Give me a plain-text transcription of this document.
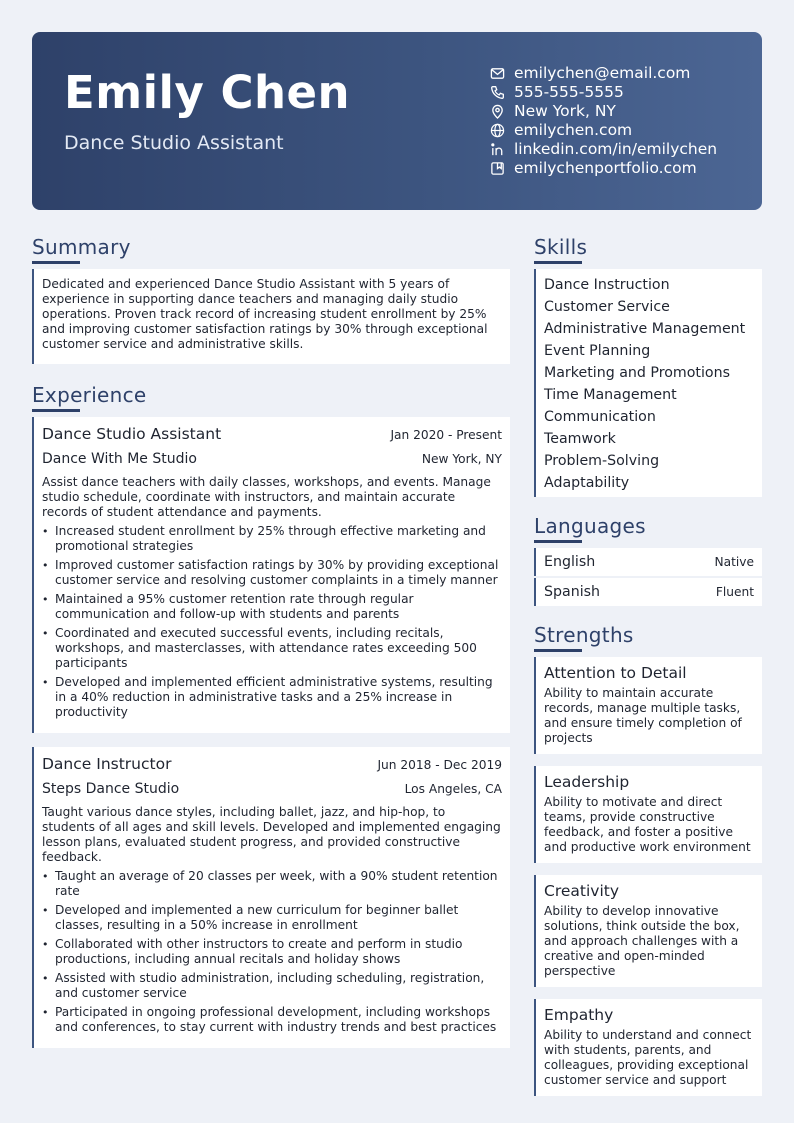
Emily Chen
Dance Studio Assistant
emilychen@email.com
555-555-5555
New York, NY
emilychen.com
linkedin.com/in/emilychen
emilychenportfolio.com
Summary
Dedicated and experienced Dance Studio Assistant with 5 years of experience in supporting dance teachers and managing daily studio operations. Proven track record of increasing student enrollment by 25% and improving customer satisfaction ratings by 30% through exceptional customer service and administrative skills.
Experience
Dance Studio Assistant	Jan 2020 - Present
Dance With Me Studio	New York, NY
Assist dance teachers with daily classes, workshops, and events. Manage studio schedule, coordinate with instructors, and maintain accurate records of student attendance and payments.
• Increased student enrollment by 25% through effective marketing and promotional strategies
• Improved customer satisfaction ratings by 30% by providing exceptional customer service and resolving customer complaints in a timely manner
• Maintained a 95% customer retention rate through regular communication and follow-up with students and parents
• Coordinated and executed successful events, including recitals, workshops, and masterclasses, with attendance rates exceeding 500 participants
• Developed and implemented efficient administrative systems, resulting in a 40% reduction in administrative tasks and a 25% increase in productivity
Dance Instructor	Jun 2018 - Dec 2019
Steps Dance Studio	Los Angeles, CA
Taught various dance styles, including ballet, jazz, and hip-hop, to students of all ages and skill levels. Developed and implemented engaging lesson plans, evaluated student progress, and provided constructive feedback.
• Taught an average of 20 classes per week, with a 90% student retention rate
• Developed and implemented a new curriculum for beginner ballet classes, resulting in a 50% increase in enrollment
• Collaborated with other instructors to create and perform in studio productions, including annual recitals and holiday shows
• Assisted with studio administration, including scheduling, registration, and customer service
• Participated in ongoing professional development, including workshops and conferences, to stay current with industry trends and best practices
Skills
Dance Instruction
Customer Service
Administrative Management
Event Planning
Marketing and Promotions
Time Management
Communication
Teamwork
Problem-Solving
Adaptability
Languages
English	Native
Spanish	Fluent
Strengths
Attention to Detail
Ability to maintain accurate records, manage multiple tasks, and ensure timely completion of projects
Leadership
Ability to motivate and direct teams, provide constructive feedback, and foster a positive and productive work environment
Creativity
Ability to develop innovative solutions, think outside the box, and approach challenges with a creative and open-minded perspective
Empathy
Ability to understand and connect with students, parents, and colleagues, providing exceptional customer service and support
